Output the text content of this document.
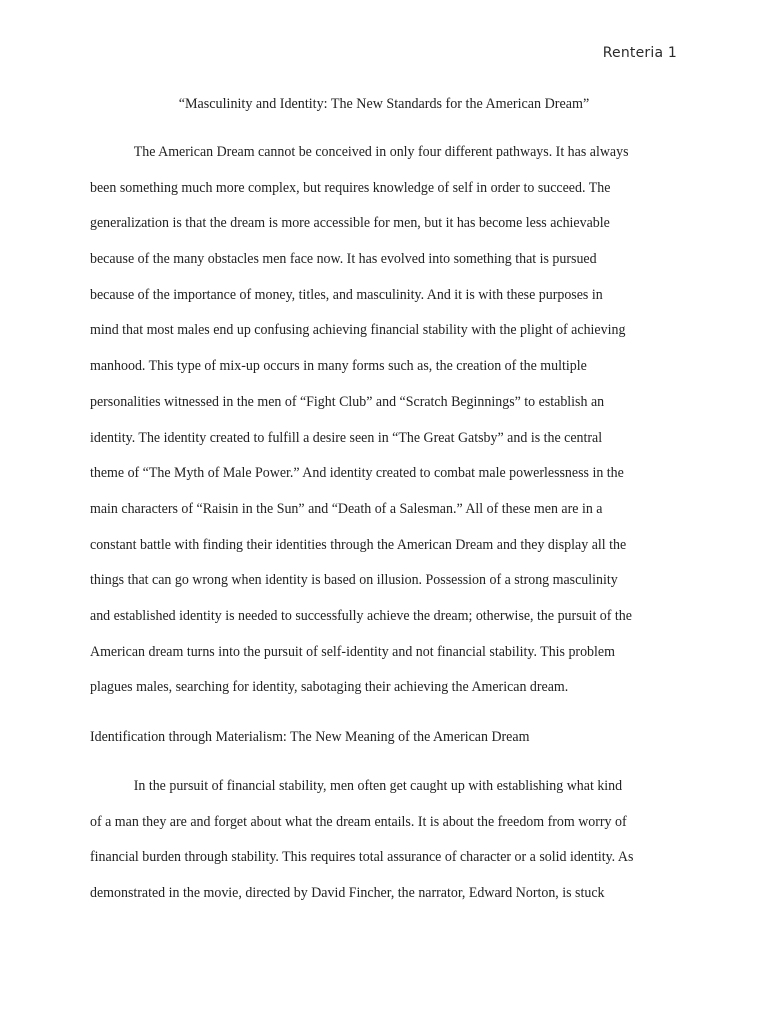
Renteria 1
“Masculinity and Identity: The New Standards for the American Dream”
The American Dream cannot be conceived in only four different pathways. It has always
been something much more complex, but requires knowledge of self in order to succeed. The
generalization is that the dream is more accessible for men, but it has become less achievable
because of the many obstacles men face now. It has evolved into something that is pursued
because of the importance of money, titles, and masculinity. And it is with these purposes in
mind that most males end up confusing achieving financial stability with the plight of achieving
manhood. This type of mix-up occurs in many forms such as, the creation of the multiple
personalities witnessed in the men of “Fight Club” and “Scratch Beginnings” to establish an
identity. The identity created to fulfill a desire seen in “The Great Gatsby” and is the central
theme of “The Myth of Male Power.” And identity created to combat male powerlessness in the
main characters of “Raisin in the Sun” and “Death of a Salesman.” All of these men are in a
constant battle with finding their identities through the American Dream and they display all the
things that can go wrong when identity is based on illusion. Possession of a strong masculinity
and established identity is needed to successfully achieve the dream; otherwise, the pursuit of the
American dream turns into the pursuit of self-identity and not financial stability. This problem
plagues males, searching for identity, sabotaging their achieving the American dream.
Identification through Materialism: The New Meaning of the American Dream
In the pursuit of financial stability, men often get caught up with establishing what kind
of a man they are and forget about what the dream entails. It is about the freedom from worry of
financial burden through stability. This requires total assurance of character or a solid identity. As
demonstrated in the movie, directed by David Fincher, the narrator, Edward Norton, is stuck
